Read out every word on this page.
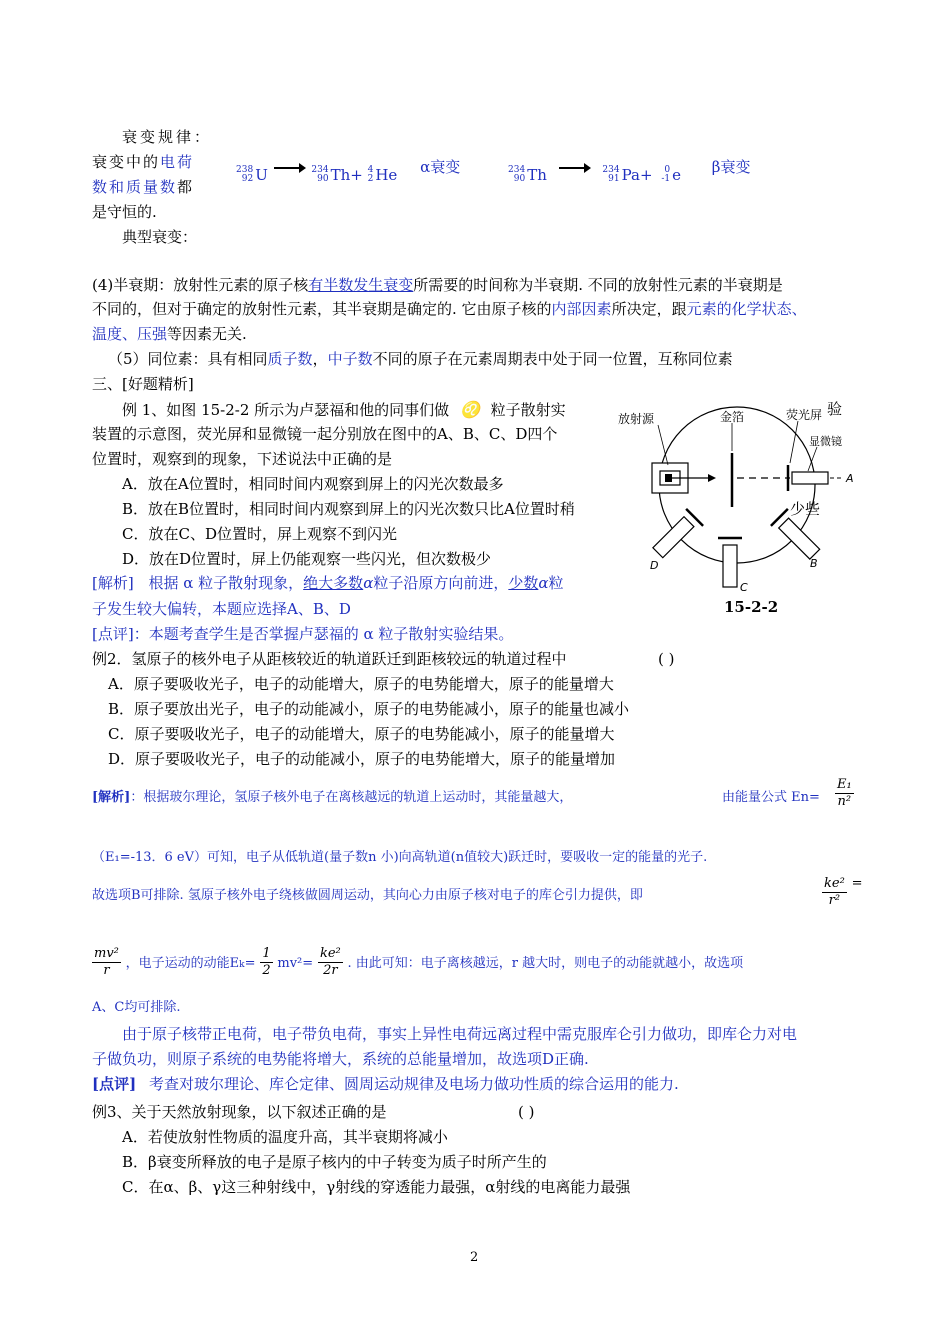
衰变规律：
衰变中的电荷
数和质量数都
是守恒的.
典型衰变：
238
92 U → 234
90 Th+
4
2 He α衰变	234
90 Th → 234
91 Pa+
	0
-1 e β衰变
(4)半衰期：放射性元素的原子核有半数发生衰变所需要的时间称为半衰期. 不同的放射性元素的半衰期是
不同的，但对于确定的放射性元素，其半衰期是确定的. 它由原子核的内部因素所决定，跟元素的化学状态、
温度、压强等因素无关.
（5）同位素：具有相同质子数，中子数不同的原子在元素周期表中处于同一位置，互称同位素
三、[好题精析]
例 1、如图 15-2-2 所示为卢瑟福和他的同事们做 ♌ 粒子散射实	验
装置的示意图，荧光屏和显微镜一起分别放在图中的A、B、C、D四个
位置时，观察到的现象，下述说法中正确的是
A．放在A位置时，相同时间内观察到屏上的闪光次数最多
B．放在B位置时，相同时间内观察到屏上的闪光次数只比A位置时稍	少些
C．放在C、D位置时，屏上观察不到闪光
D．放在D位置时，屏上仍能观察一些闪光，但次数极少
[解析] 根据 α 粒子散射现象，绝大多数α粒子沿原方向前进，少数α粒
子发生较大偏转，本题应选择A、B、D
[点评]：本题考查学生是否掌握卢瑟福的 α 粒子散射实验结果。
放射源	金箔	荧光屏
显微镜
A
B
C
D
15-2-2
例2．氢原子的核外电子从距核较近的轨道跃迁到距核较远的轨道过程中	( )
A．原子要吸收光子，电子的动能增大，原子的电势能增大，原子的能量增大
B．原子要放出光子，电子的动能减小，原子的电势能减小，原子的能量也减小
C．原子要吸收光子，电子的动能增大，原子的电势能减小，原子的能量增大
D．原子要吸收光子，电子的动能减小，原子的电势能增大，原子的能量增加
[解析]：根据玻尔理论，氢原子核外电子在离核越远的轨道上运动时，其能量越大，	由能量公式 $En= \frac{\text{E₁}}{\text{n²}}$
（E₁=-13．6 eV）可知，电子从低轨道(量子数n 小)向高轨道(n值较大)跃迁时，要吸收一定的能量的光子.
故选项B可排除. 氢原子核外电子绕核做圆周运动，其向心力由原子核对电子的库仑引力提供，即	$\frac{\text{ke²}}{\text{r²}}$ =
$\frac{\text{mv²}}{r}$ ，电子运动的动能$Ek= \frac{1}{2} mv^2= \frac{\text{ke²}}{2r}$ . 由此可知：电子离核越远，r 越大时，则电子的动能就越小，故选项
A、C均可排除.
由于原子核带正电荷，电子带负电荷，事实上异性电荷远离过程中需克服库仑引力做功，即库仑力对电
子做负功，则原子系统的电势能将增大，系统的总能量增加，故选项D正确.
[点评] 考查对玻尔理论、库仑定律、圆周运动规律及电场力做功性质的综合运用的能力.
例3、关于天然放射现象，以下叙述正确的是	( )
A．若使放射性物质的温度升高，其半衰期将减小
B．β衰变所释放的电子是原子核内的中子转变为质子时所产生的
C．在α、β、γ这三种射线中，γ射线的穿透能力最强，α射线的电离能力最强
2
